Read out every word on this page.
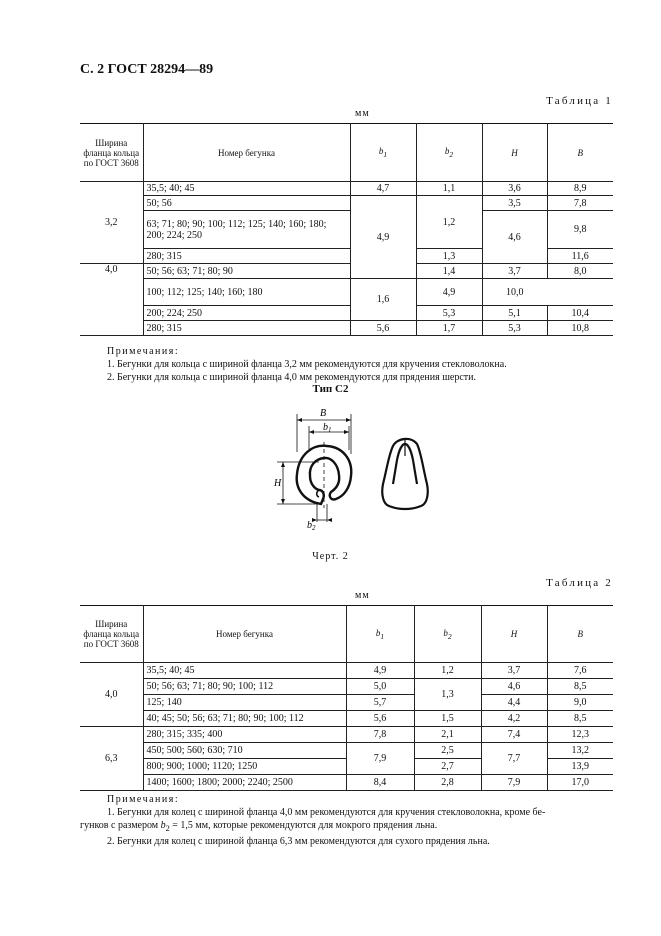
С. 2 ГОСТ 28294—89
Таблица 1
мм
Ширина фланца кольца по ГОСТ 3608	Номер бегунка	$b_1$	$b_2$	H	B
3,2	35,5; 40; 45	4,7	1,1	3,6	8,9
	50; 56	4,9	1,2	3,5	7,8
	63; 71; 80; 90; 100; 112; 125; 140; 160; 180; 200; 224; 250			4,6	9,8
	280; 315		1,3		11,6
4,0	50; 56; 63; 71; 80; 90		1,4	3,7	8,0
	100; 112; 125; 140; 160; 180	1,6	4,9	10,0	
	200; 224; 250		5,3	5,1	10,4
	280; 315	5,6	1,7	5,3	10,8
Примечания:
1. Бегунки для кольца с шириной фланца 3,2 мм рекомендуются для кручения стекловолокна.
2. Бегунки для кольца с шириной фланца 4,0 мм рекомендуются для прядения шерсти.
Тип С2
B
$b_1$
H
$b_2$
Черт. 2
Таблица 2
мм
Ширина фланца кольца по ГОСТ 3608	Номер бегунка	$b_1$	$b_2$	H	B
4,0	35,5; 40; 45	4,9	1,2	3,7	7,6
	50; 56; 63; 71; 80; 90; 100; 112	5,0	1,3	4,6	8,5
	125; 140	5,7		4,4	9,0
	40; 45; 50; 56; 63; 71; 80; 90; 100; 112	5,6	1,5	4,2	8,5
6,3	280; 315; 335; 400	7,8	2,1	7,4	12,3
	450; 500; 560; 630; 710	7,9	2,5	7,7	13,2
	800; 900; 1000; 1120; 1250		2,7		13,9
	1400; 1600; 1800; 2000; 2240; 2500	8,4	2,8	7,9	17,0
Примечания:
1. Бегунки для колец с шириной фланца 4,0 мм рекомендуются для кручения стекловолокна, кроме бе-
гунков с размером $b_2 = 1,5$ мм, которые рекомендуются для мокрого прядения льна.
2. Бегунки для колец с шириной фланца 6,3 мм рекомендуются для сухого прядения льна.
